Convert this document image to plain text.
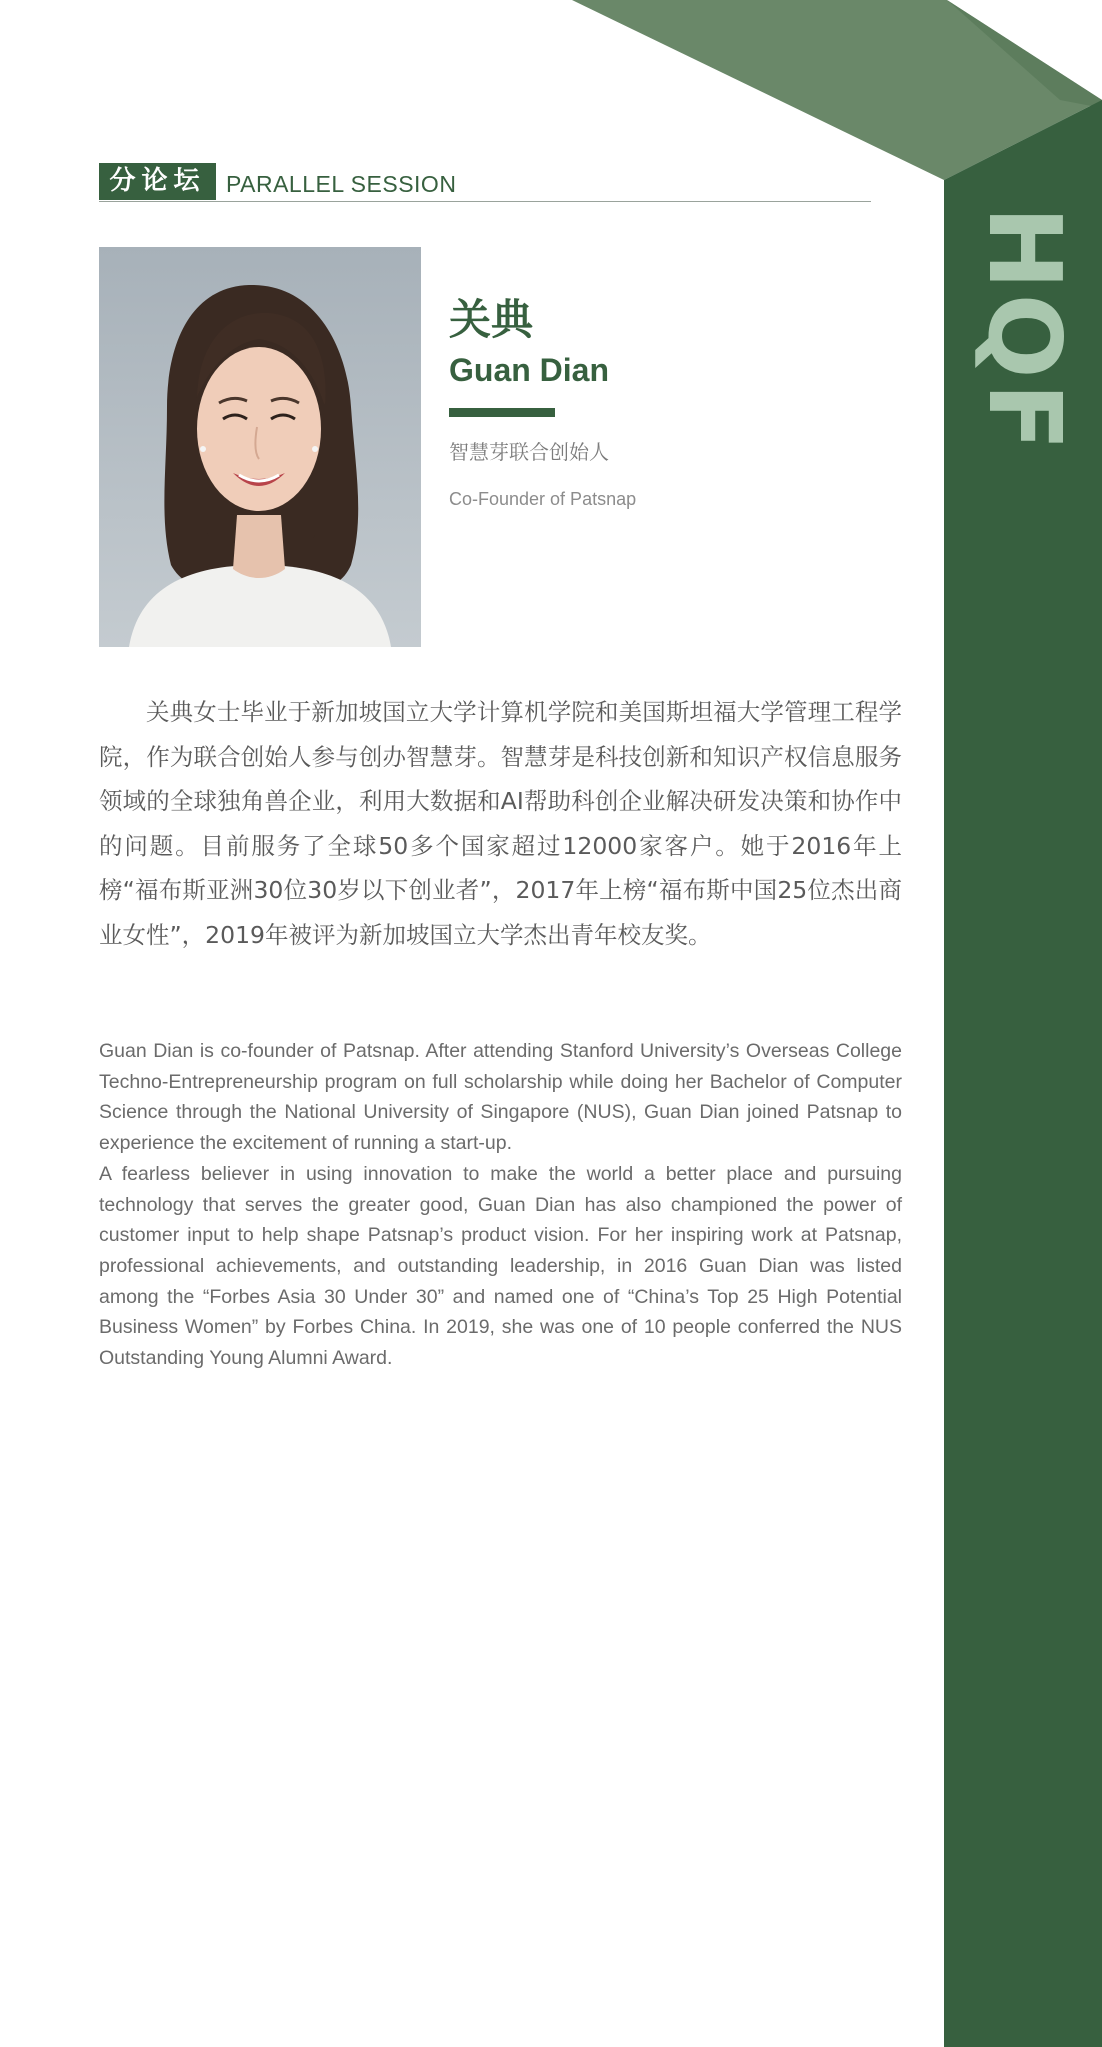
HQF
分论坛 PARALLEL SESSION
关典
Guan Dian
智慧芽联合创始人
Co-Founder of Patsnap

关典女士毕业于新加坡国立大学计算机学院和美国斯坦福大学管理工程学院，作为联合创始人参与创办智慧芽。智慧芽是科技创新和知识产权信息服务领域的全球独角兽企业，利用大数据和AI帮助科创企业解决研发决策和协作中的问题。目前服务了全球50多个国家超过12000家客户。她于2016年上榜“福布斯亚洲30位30岁以下创业者”，2017年上榜“福布斯中国25位杰出商业女性”，2019年被评为新加坡国立大学杰出青年校友奖。

Guan Dian is co-founder of Patsnap. After attending Stanford University’s Overseas College Techno-Entrepreneurship program on full scholarship while doing her Bachelor of Computer Science through the National University of Singapore (NUS), Guan Dian joined Patsnap to experience the excitement of running a start-up.

A fearless believer in using innovation to make the world a better place and pursuing technology that serves the greater good, Guan Dian has also championed the power of customer input to help shape Patsnap’s product vision. For her inspiring work at Patsnap, professional achievements, and outstanding leadership, in 2016 Guan Dian was listed among the “Forbes Asia 30 Under 30” and named one of “China’s Top 25 High Potential Business Women” by Forbes China. In 2019, she was one of 10 people conferred the NUS Outstanding Young Alumni Award.
